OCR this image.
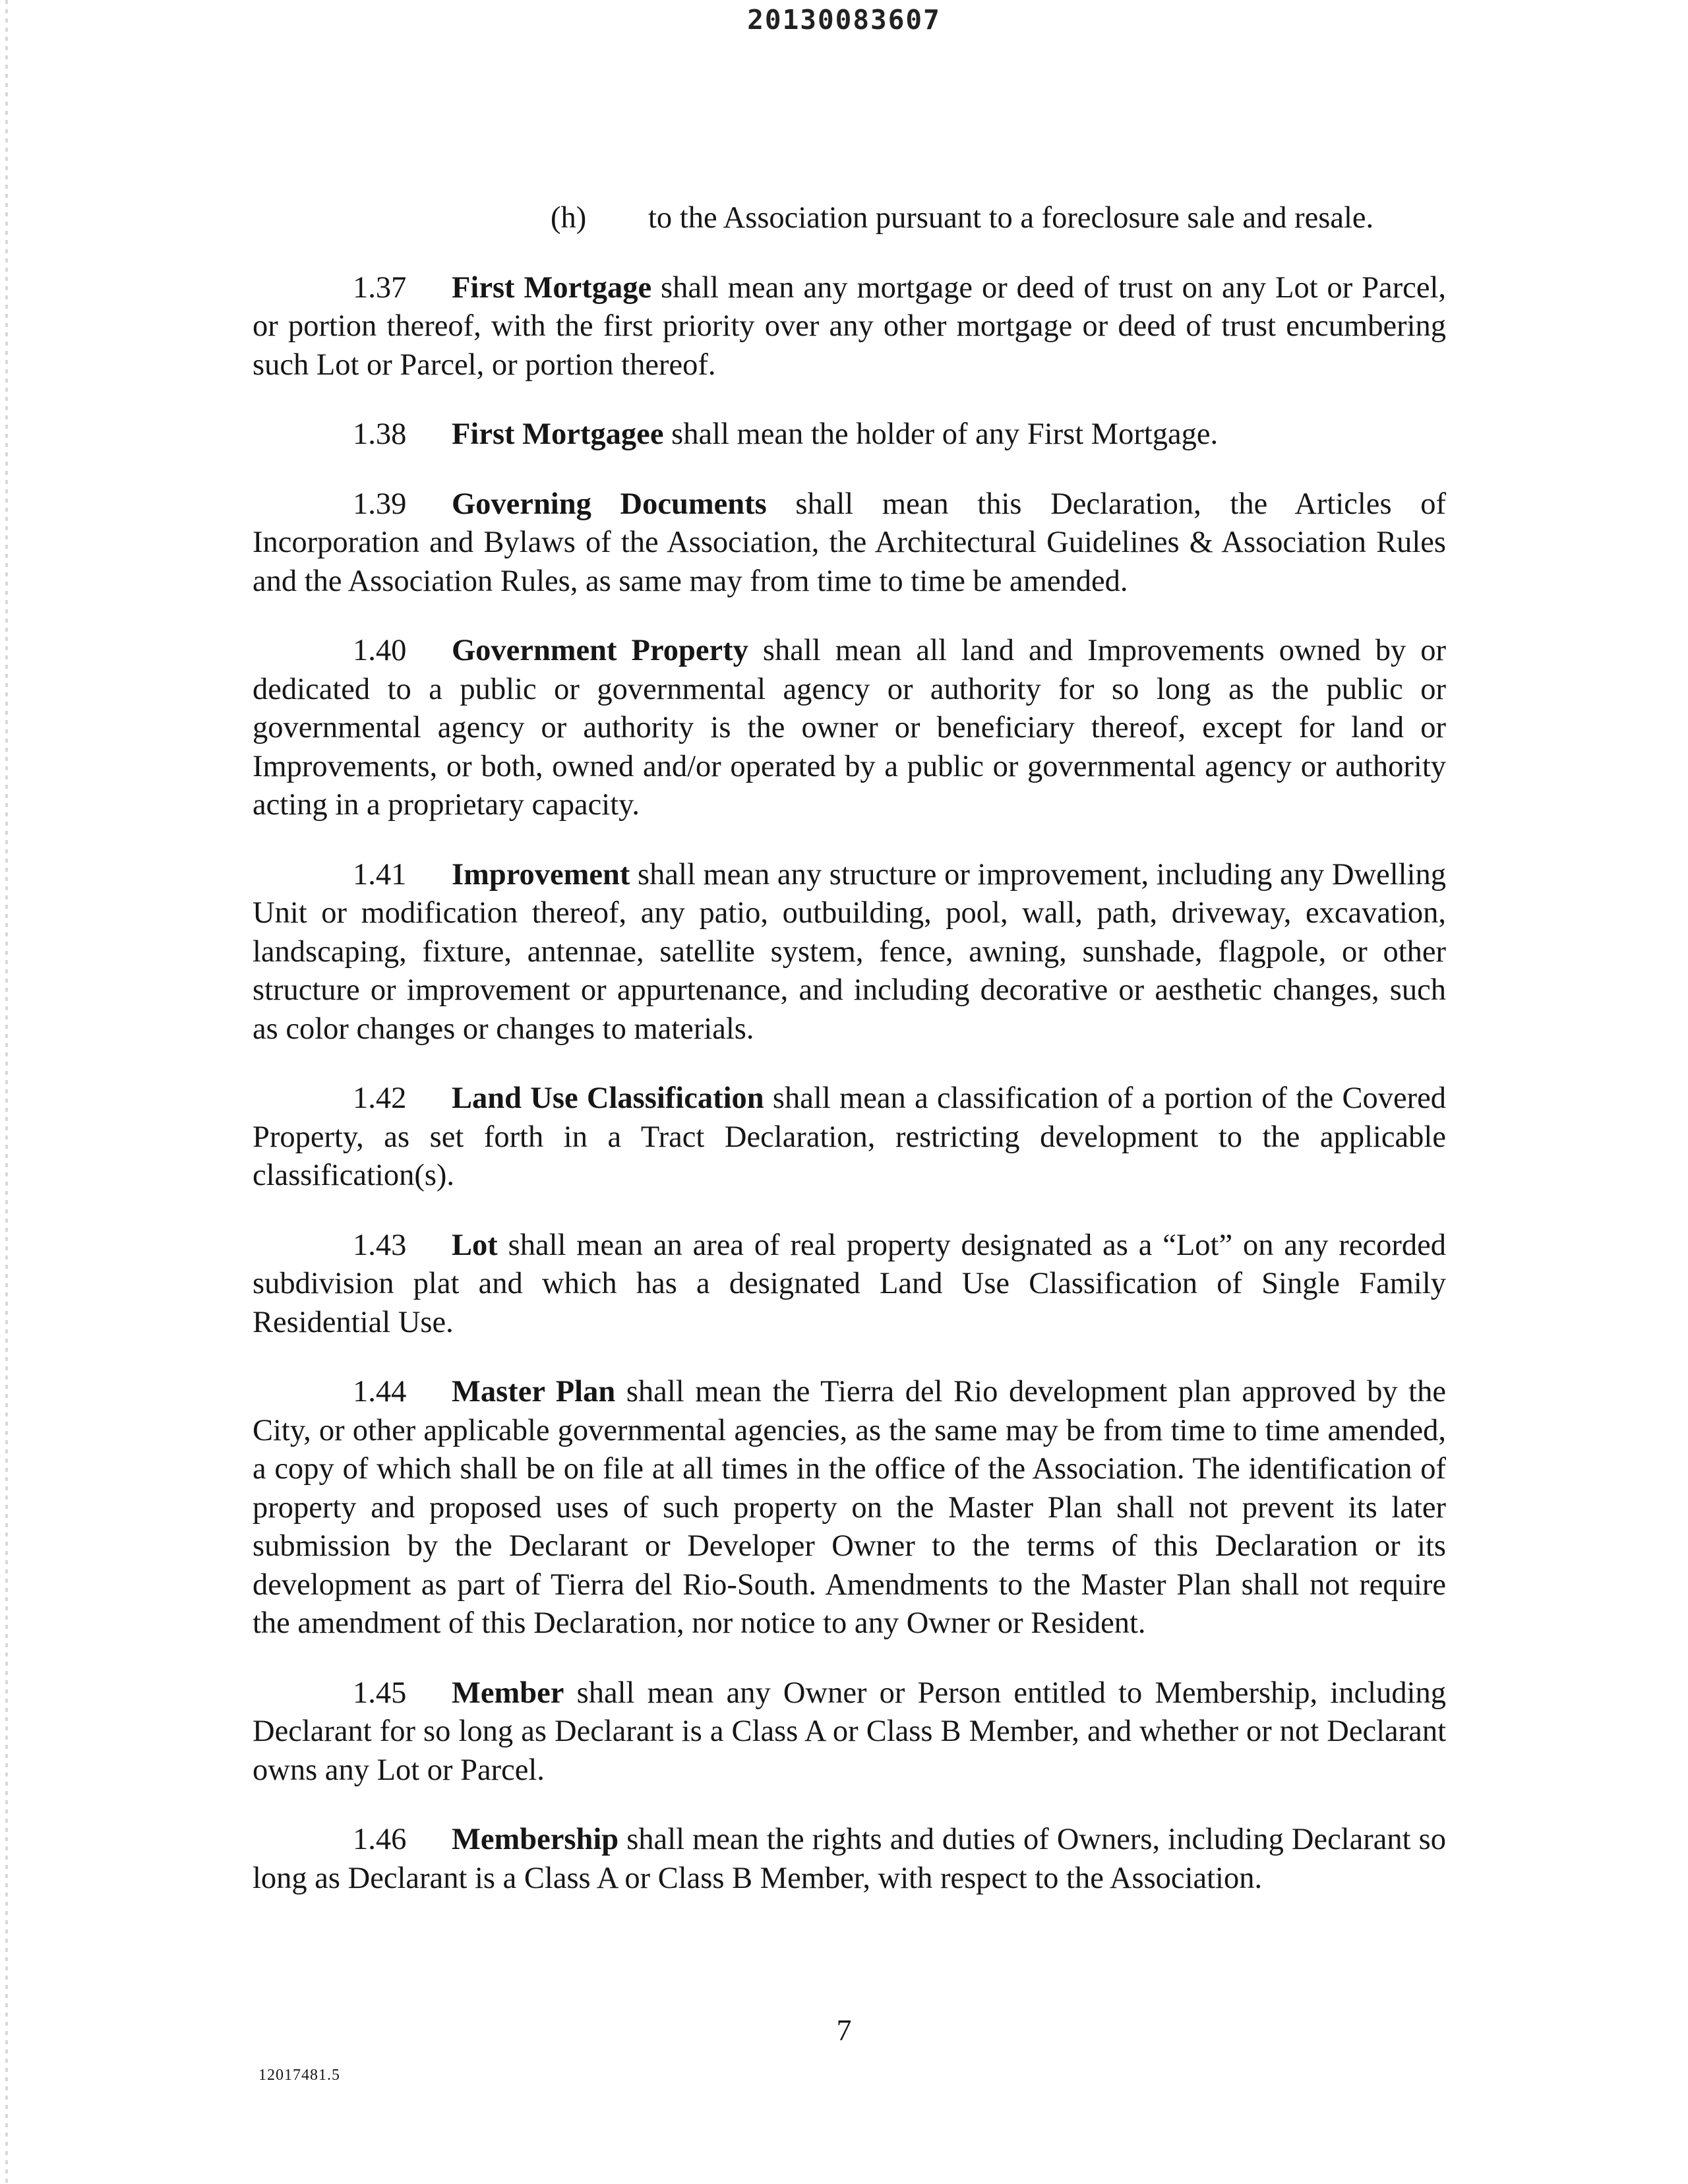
20130083607
(h) to the Association pursuant to a foreclosure sale and resale.

1.37 First Mortgage shall mean any mortgage or deed of trust on any Lot or Parcel, or portion thereof, with the first priority over any other mortgage or deed of trust encumbering such Lot or Parcel, or portion thereof.

1.38 First Mortgagee shall mean the holder of any First Mortgage.

1.39 Governing Documents shall mean this Declaration, the Articles of Incorporation and Bylaws of the Association, the Architectural Guidelines & Association Rules and the Association Rules, as same may from time to time be amended.

1.40 Government Property shall mean all land and Improvements owned by or dedicated to a public or governmental agency or authority for so long as the public or governmental agency or authority is the owner or beneficiary thereof, except for land or Improvements, or both, owned and/or operated by a public or governmental agency or authority acting in a proprietary capacity.

1.41 Improvement shall mean any structure or improvement, including any Dwelling Unit or modification thereof, any patio, outbuilding, pool, wall, path, driveway, excavation, landscaping, fixture, antennae, satellite system, fence, awning, sunshade, flagpole, or other structure or improvement or appurtenance, and including decorative or aesthetic changes, such as color changes or changes to materials.

1.42 Land Use Classification shall mean a classification of a portion of the Covered Property, as set forth in a Tract Declaration, restricting development to the applicable classification(s).

1.43 Lot shall mean an area of real property designated as a “Lot” on any recorded subdivision plat and which has a designated Land Use Classification of Single Family Residential Use.

1.44 Master Plan shall mean the Tierra del Rio development plan approved by the City, or other applicable governmental agencies, as the same may be from time to time amended, a copy of which shall be on file at all times in the office of the Association. The identification of property and proposed uses of such property on the Master Plan shall not prevent its later submission by the Declarant or Developer Owner to the terms of this Declaration or its development as part of Tierra del Rio-South. Amendments to the Master Plan shall not require the amendment of this Declaration, nor notice to any Owner or Resident.

1.45 Member shall mean any Owner or Person entitled to Membership, including Declarant for so long as Declarant is a Class A or Class B Member, and whether or not Declarant owns any Lot or Parcel.

1.46 Membership shall mean the rights and duties of Owners, including Declarant so long as Declarant is a Class A or Class B Member, with respect to the Association.

7
12017481.5
